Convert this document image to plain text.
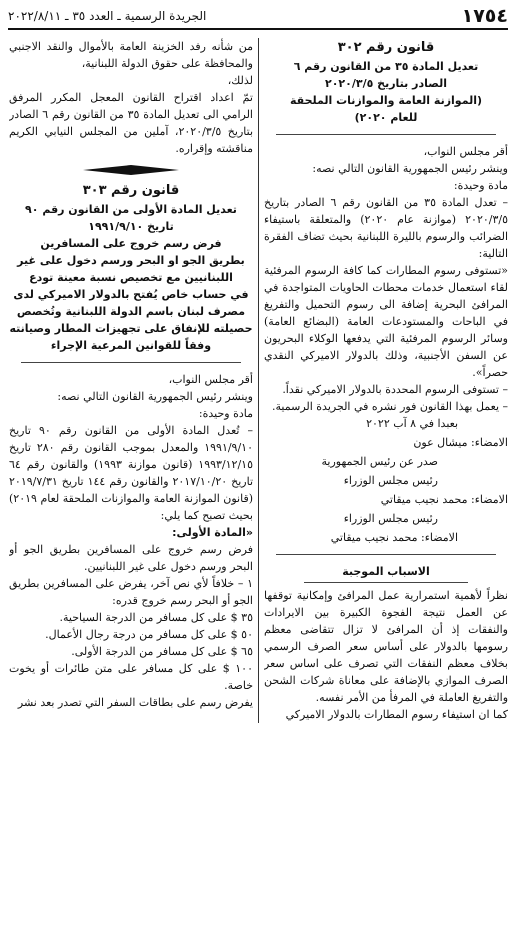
١٧٥٤
الجريدة الرسمية ـ العدد ٣٥ ـ ٢٠٢٢/٨/١١

قانون رقم ٣٠٢

تعديل المادة ٣٥ من القانون رقم ٦

الصادر بتاريخ ٢٠٢٠/٣/٥

(الموازنة العامة والموازنات الملحقة

للعام ٢٠٢٠)

أقر مجلس النواب،

وينشر رئيس الجمهورية القانون التالي نصه:

مادة وحيدة:

– تعدل المادة ٣٥ من القانون رقم ٦ الصادر بتاريخ ٢٠٢٠/٣/٥ (موازنة عام ٢٠٢٠) والمتعلقة باستيفاء الضرائب والرسوم بالليرة اللبنانية بحيث تضاف الفقرة التالية:

«تستوفى رسوم المطارات كما كافة الرسوم المرفئية لقاء استعمال خدمات محطات الحاويات المتواجدة في المرافئ البحرية إضافة الى رسوم التحميل والتفريغ في الباحات والمستودعات العامة (البضائع العامة) وسائر الرسوم المرفئية التي يدفعها الوكلاء البحريون عن السفن الأجنبية، وذلك بالدولار الاميركي النقدي حصراً».

– تستوفى الرسوم المحددة بالدولار الاميركي نقداً.

– يعمل بهذا القانون فور نشره في الجريدة الرسمية.

بعبدا في ٨ آب ٢٠٢٢

الامضاء: ميشال عون

صدر عن رئيس الجمهورية

رئيس مجلس الوزراء

الامضاء: محمد نجيب ميقاتي

رئيس مجلس الوزراء

الامضاء: محمد نجيب ميقاتي

الاسباب الموجبة

نظراً لأهمية استمرارية عمل المرافئ وإمكانية توقفها عن العمل نتيجة الفجوة الكبيرة بين الايرادات والنفقات إذ أن المرافئ لا تزال تتقاضى معظم رسومها بالدولار على أساس سعر الصرف الرسمي بخلاف معظم النفقات التي تصرف على اساس سعر الصرف الموازي بالإضافة على معاناة شركات الشحن والتفريغ العاملة في المرفأ من الأمر نفسه.

كما ان استيفاء رسوم المطارات بالدولار الاميركي

من شأنه رفد الخزينة العامة بالأموال والنقد الاجنبي والمحافظة على حقوق الدولة اللبنانية،

لذلك،

تمّ اعداد اقتراح القانون المعجل المكرر المرفق الرامي الى تعديل المادة ٣٥ من القانون رقم ٦ الصادر بتاريخ ٢٠٢٠/٣/٥، آملين من المجلس النيابي الكريم مناقشته وإقراره.

قانون رقم ٣٠٣

تعديل المادة الأولى من القانون رقم ٩٠

تاريخ ١٩٩١/٩/١٠

فرض رسم خروج على المسافرين

بطريق الجو او البحر ورسم دخول على غير

اللبنانيين مع تخصيص نسبة معينة تودع

في حساب خاص يُفتح بالدولار الاميركي لدى

مصرف لبنان باسم الدولة اللبنانية وتُخصص

حصيلته للإنفاق على تجهيزات المطار وصيانته

وفقاً للقوانين المرعية الإجراء

أقر مجلس النواب،

وينشر رئيس الجمهورية القانون التالي نصه:

مادة وحيدة:

– تُعدل المادة الأولى من القانون رقم ٩٠ تاريخ ١٩٩١/٩/١٠ والمعدل بموجب القانون رقم ٢٨٠ تاريخ ١٩٩٣/١٢/١٥ (قانون موازنة ١٩٩٣) والقانون رقم ٦٤ تاريخ ٢٠١٧/١٠/٢٠ والقانون رقم ١٤٤ تاريخ ٢٠١٩/٧/٣١ (قانون الموازنة العامة والموازنات الملحقة لعام ٢٠١٩) بحيث تصبح كما يلي:

«المادة الأولى:

فرض رسم خروج على المسافرين بطريق الجو أو البحر ورسم دخول على غير اللبنانيين.

١ – خلافاً لأي نص آخر، يفرض على المسافرين بطريق الجو أو البحر رسم خروج قدره:

٣٥ $ على كل مسافر من الدرجة السياحية.

٥٠ $ على كل مسافر من درجة رجال الأعمال.

٦٥ $ على كل مسافر من الدرجة الأولى.

١٠٠ $ على كل مسافر على متن طائرات أو يخوت خاصة.

يفرض رسم على بطاقات السفر التي تصدر بعد نشر
